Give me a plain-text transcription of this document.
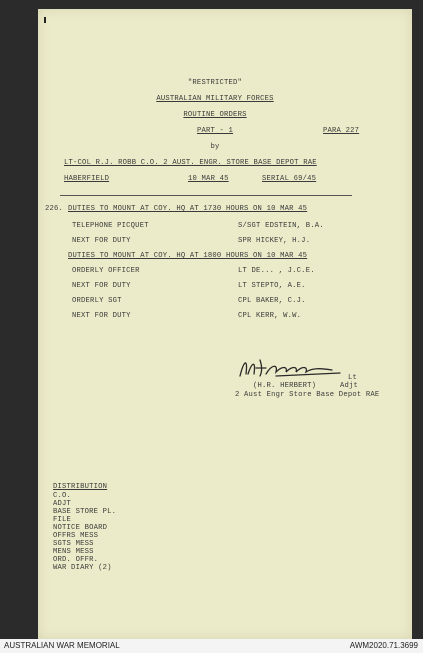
"RESTRICTED"
AUSTRALIAN MILITARY FORCES
ROUTINE ORDERS
PART - 1	PARA 227
by
LT-COL R.J. ROBB C.O. 2 AUST. ENGR. STORE BASE DEPOT RAE
HABERFIELD	10 MAR 45	SERIAL 69/45
226. DUTIES TO MOUNT AT COY. HQ AT 1730 HOURS ON 10 MAR 45
TELEPHONE PICQUET	S/SGT EDSTEIN, B.A.
NEXT FOR DUTY	SPR HICKEY, H.J.
DUTIES TO MOUNT AT COY. HQ AT 1800 HOURS ON 10 MAR 45
ORDERLY OFFICER	LT DE... , J.C.E.
NEXT FOR DUTY	LT STEPTO, A.E.
ORDERLY SGT	CPL BAKER, C.J.
NEXT FOR DUTY	CPL KERR, W.W.
Lt
(H.R. HERBERT)	Adjt
2 Aust Engr Store Base Depot RAE
DISTRIBUTION
C.O.
ADJT
BASE STORE PL.
FILE
NOTICE BOARD
OFFRS MESS
SGTS MESS
MENS MESS
ORD. OFFR.
WAR DIARY (2)
AUSTRALIAN WAR MEMORIAL	AWM2020.71.3699
